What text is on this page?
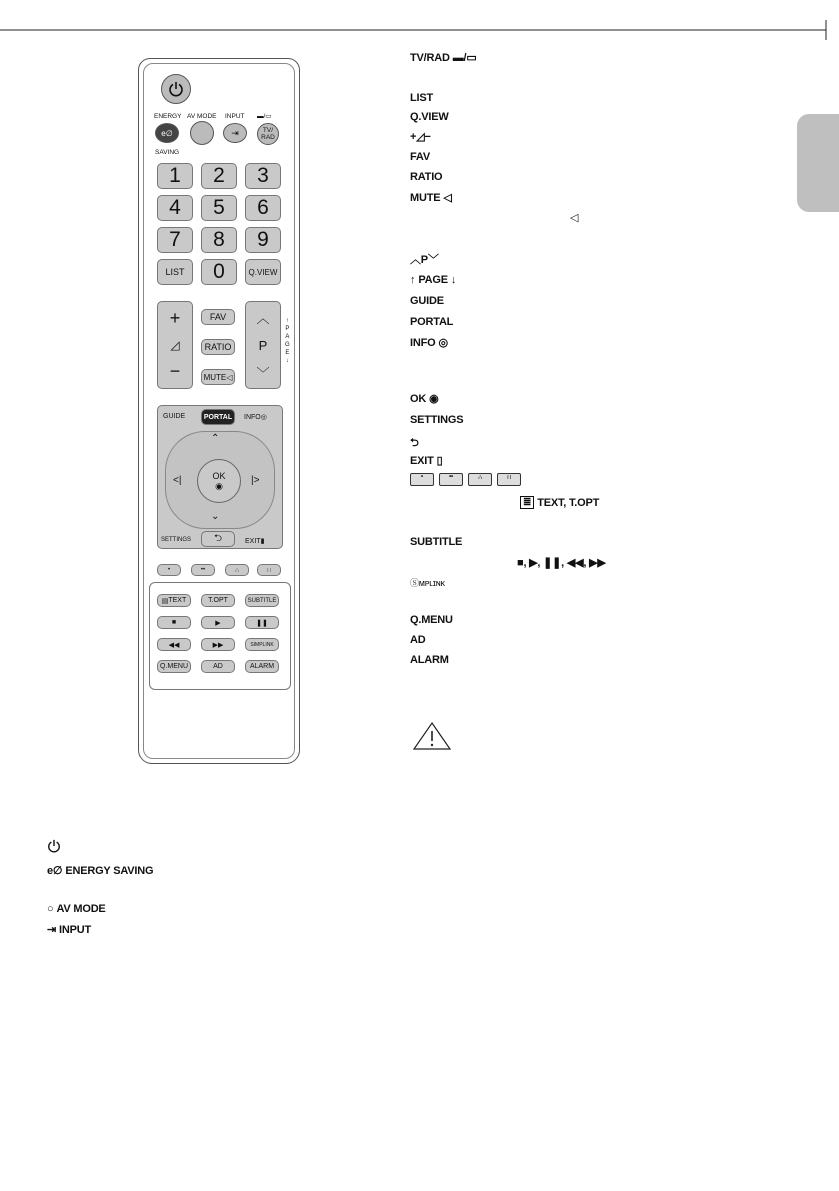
ENERGY AV MODE INPUT ▬/▭
e∅	⇥	TV/
RAD
SAVING
1	2	3
4	5	6
7	8	9
LIST	0	Q.VIEW
+
◿
−
FAV
RATIO
MUTE ◁
︿
P
﹀
↑
P
A
G
E
↓
GUIDE	PORTAL	INFO◎
OK
◉
⌃
⌄
<|	|>
SETTINGS	⮌	EXIT▮
•	••	∴	∷
▤ TEXT	T.OPT	SUBTITLE
■	▶	❚❚
◀◀	▶▶	SIMPLINK
Q.MENU	AD	ALARM
TV/RAD ▬/▭
LIST
Q.VIEW
+◿−
FAV
RATIO
MUTE ◁
◁
︿P﹀
↑ PAGE ↓
GUIDE
PORTAL
INFO ◎
OK ◉
SETTINGS
⮌
EXIT ▯
•	••	∴	∷
≣ TEXT, T.OPT
SUBTITLE
■, ▶, ❚❚, ◀◀, ▶▶
Ⓢᴍᴘʟɪɴᴋ
Q.MENU
AD
ALARM
e∅ ENERGY SAVING
○ AV MODE
⇥ INPUT
